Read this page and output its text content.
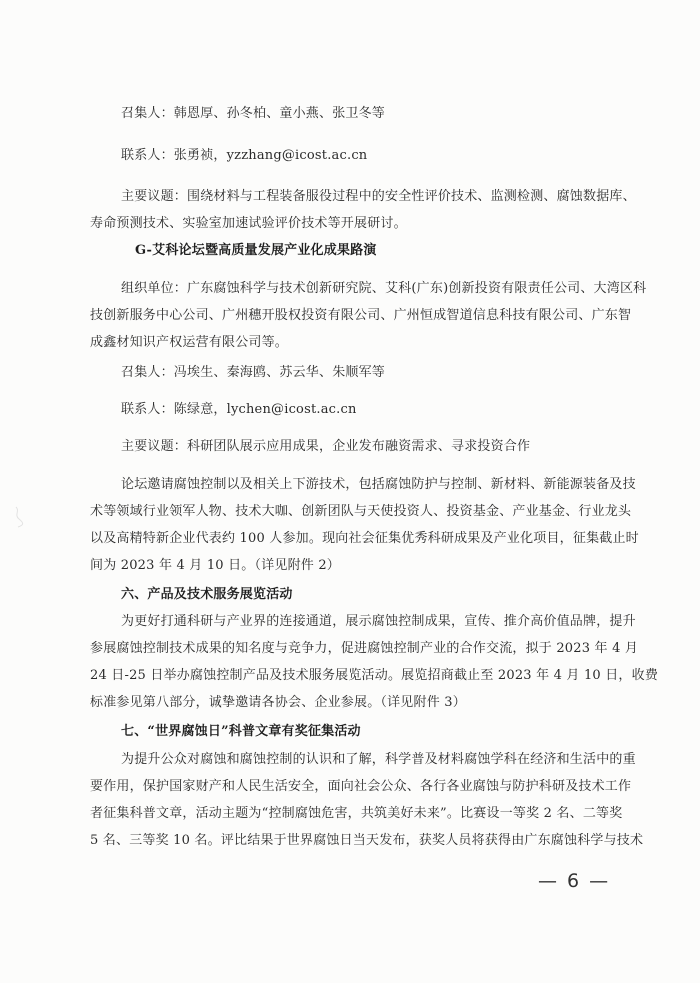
召集人：韩恩厚、孙冬柏、童小燕、张卫冬等
联系人：张勇祯，yzzhang@icost.ac.cn
主要议题：围绕材料与工程装备服役过程中的安全性评价技术、监测检测、腐蚀数据库、
寿命预测技术、实验室加速试验评价技术等开展研讨。
G-艾科论坛暨高质量发展产业化成果路演
组织单位：广东腐蚀科学与技术创新研究院、艾科(广东)创新投资有限责任公司、大湾区科
技创新服务中心公司、广州穗开股权投资有限公司、广州恒成智道信息科技有限公司、广东智
成鑫材知识产权运营有限公司等。
召集人：冯埃生、秦海鸥、苏云华、朱顺军等
联系人：陈绿意，lychen@icost.ac.cn
主要议题：科研团队展示应用成果，企业发布融资需求、寻求投资合作
论坛邀请腐蚀控制以及相关上下游技术，包括腐蚀防护与控制、新材料、新能源装备及技
术等领域行业领军人物、技术大咖、创新团队与天使投资人、投资基金、产业基金、行业龙头
以及高精特新企业代表约 100 人参加。现向社会征集优秀科研成果及产业化项目，征集截止时
间为 2023 年 4 月 10 日。（详见附件 2）
六、产品及技术服务展览活动
为更好打通科研与产业界的连接通道，展示腐蚀控制成果，宣传、推介高价值品牌，提升
参展腐蚀控制技术成果的知名度与竞争力，促进腐蚀控制产业的合作交流，拟于 2023 年 4 月
24 日-25 日举办腐蚀控制产品及技术服务展览活动。展览招商截止至 2023 年 4 月 10 日，收费
标准参见第八部分，诚挚邀请各协会、企业参展。（详见附件 3）
七、“世界腐蚀日”科普文章有奖征集活动
为提升公众对腐蚀和腐蚀控制的认识和了解，科学普及材料腐蚀学科在经济和生活中的重
要作用，保护国家财产和人民生活安全，面向社会公众、各行各业腐蚀与防护科研及技术工作
者征集科普文章，活动主题为“控制腐蚀危害，共筑美好未来”。比赛设一等奖 2 名、二等奖
5 名、三等奖 10 名。评比结果于世界腐蚀日当天发布，获奖人员将获得由广东腐蚀科学与技术
— 6 —
